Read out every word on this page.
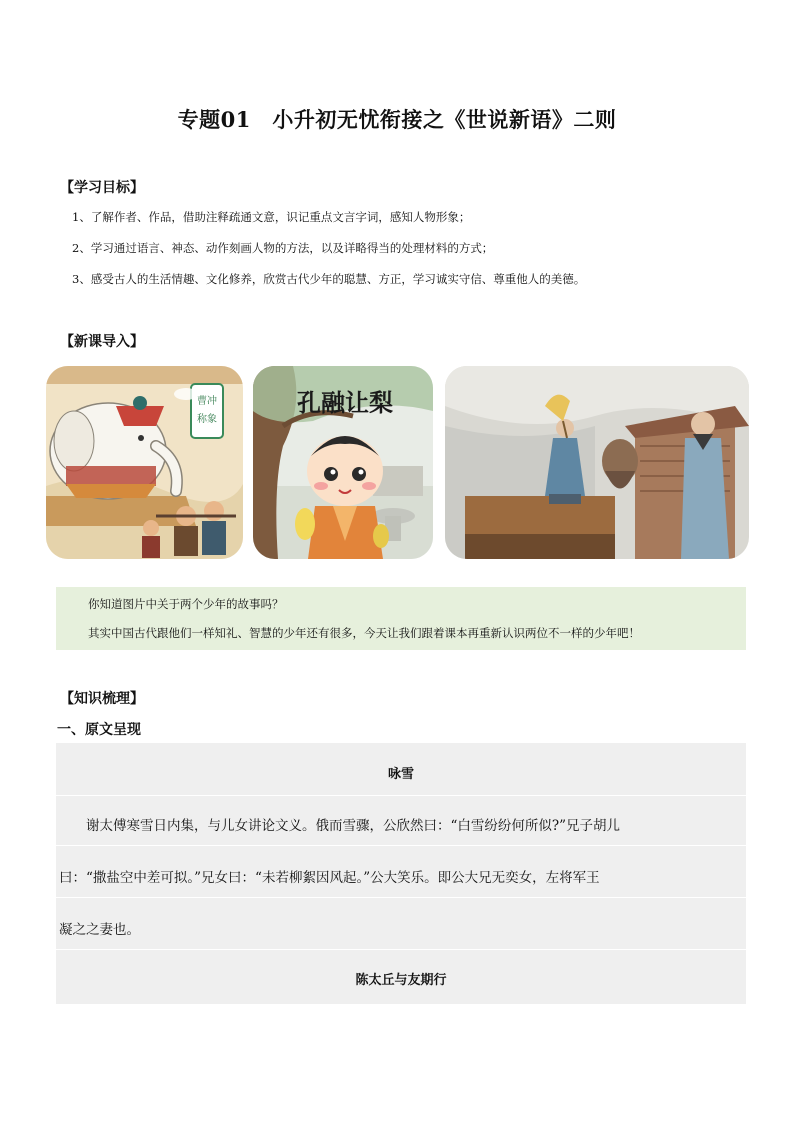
专题01　小升初无忧衔接之《世说新语》二则
【学习目标】
1、了解作者、作品，借助注释疏通文意，识记重点文言字词，感知人物形象；
2、学习通过语言、神态、动作刻画人物的方法，以及详略得当的处理材料的方式；
3、感受古人的生活情趣、文化修养，欣赏古代少年的聪慧、方正，学习诚实守信、尊重他人的美德。
【新课导入】
曹冲
称象
孔融让梨
你知道图片中关于两个少年的故事吗？
其实中国古代跟他们一样知礼、智慧的少年还有很多，今天让我们跟着课本再重新认识两位不一样的少年吧！
【知识梳理】
一、原文呈现
咏雪
谢太傅寒雪日内集，与儿女讲论文义。俄而雪骤，公欣然曰：“白雪纷纷何所似?”兄子胡儿
曰：“撒盐空中差可拟。”兄女曰：“未若柳絮因风起。”公大笑乐。即公大兄无奕女，左将军王
凝之之妻也。
陈太丘与友期行
